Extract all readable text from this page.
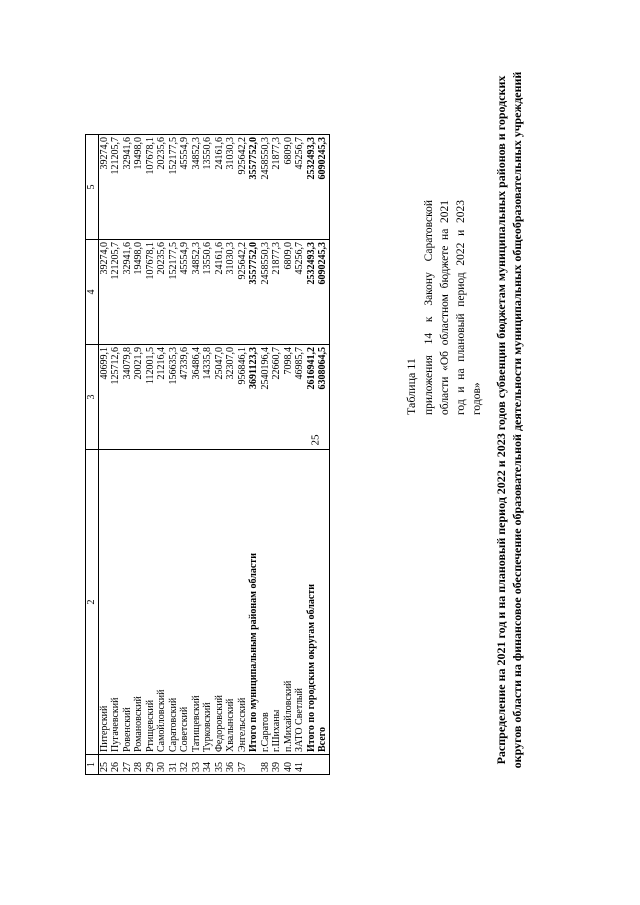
25
1	2	3	4	5
25	Питерский	40699,1	39274,0	39274,0
26	Пугачевский	125712,6	121205,7	121205,7
27	Ровенский	34079,8	32941,6	32941,6
28	Романовский	20021,9	19498,0	19498,0
29	Ртищевский	112001,5	107678,1	107678,1
30	Самойловский	21216,4	20235,6	20235,6
31	Саратовский	156635,3	152177,5	152177,5
32	Советский	47339,6	45554,9	45554,9
33	Татищевский	36486,4	34852,3	34852,3
34	Турковский	14335,8	13550,6	13550,6
35	Федоровский	25047,0	24161,6	24161,6
36	Хвалынский	32307,0	31030,3	31030,3
37	Энгельсский	956846,1	925642,2	925642,2
	Итого по муниципальным районам области	3691123,3	3557752,0	3557752,0
38	г.Саратов	2540196,4	2458550,3	2458550,3
39	г.Шиханы	22660,7	21877,3	21877,3
40	п.Михайловский	7098,4	6809,0	6809,0
41	ЗАТО Светлый	46985,7	45256,7	45256,7
	Итого по городским округам области	2616941,2	2532493,3	2532493,3
	Всего	6308064,5	6090245,3	6090245,3
Таблица 11 приложения 14 к Закону Саратовской области «Об областном бюджете на 2021 год и на плановый период 2022 и 2023 годов» Распределение на 2021 год и на плановый период 2022 и 2023 годов субвенции бюджетам муниципальных районов и городских округов области на финансовое обеспечение образовательной деятельности муниципальных общеобразовательных учреждений
